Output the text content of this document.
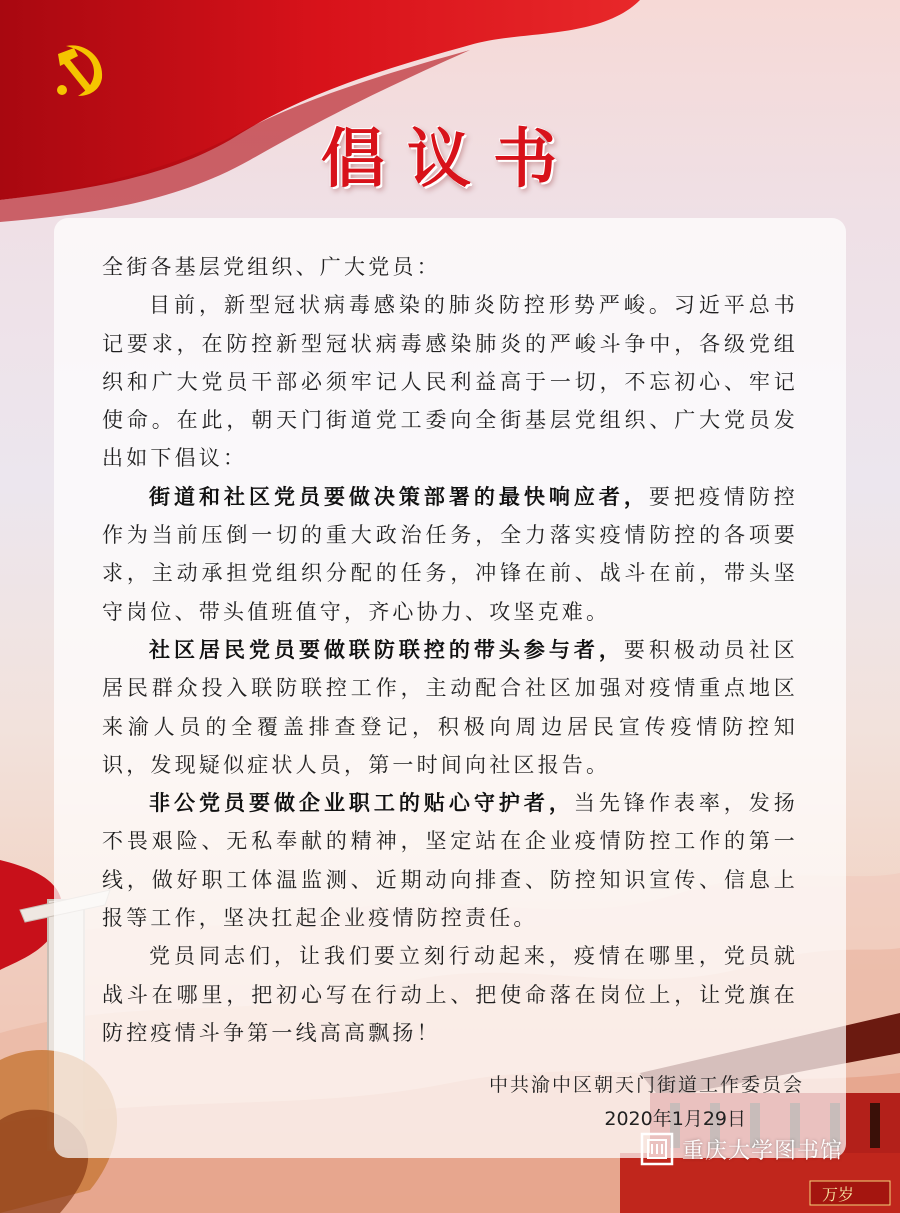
万岁
倡议书

全街各基层党组织、广大党员：

目前，新型冠状病毒感染的肺炎防控形势严峻。习近平总书记要求，在防控新型冠状病毒感染肺炎的严峻斗争中，各级党组织和广大党员干部必须牢记人民利益高于一切，不忘初心、牢记使命。在此，朝天门街道党工委向全街基层党组织、广大党员发出如下倡议：

街道和社区党员要做决策部署的最快响应者，要把疫情防控作为当前压倒一切的重大政治任务，全力落实疫情防控的各项要求，主动承担党组织分配的任务，冲锋在前、战斗在前，带头坚守岗位、带头值班值守，齐心协力、攻坚克难。

社区居民党员要做联防联控的带头参与者，要积极动员社区居民群众投入联防联控工作，主动配合社区加强对疫情重点地区来渝人员的全覆盖排查登记，积极向周边居民宣传疫情防控知识，发现疑似症状人员，第一时间向社区报告。

非公党员要做企业职工的贴心守护者，当先锋作表率，发扬不畏艰险、无私奉献的精神，坚定站在企业疫情防控工作的第一线，做好职工体温监测、近期动向排查、防控知识宣传、信息上报等工作，坚决扛起企业疫情防控责任。

党员同志们，让我们要立刻行动起来，疫情在哪里，党员就战斗在哪里，把初心写在行动上、把使命落在岗位上，让党旗在防控疫情斗争第一线高高飘扬！

中共渝中区朝天门街道工作委员会
2020年1月29日
重庆大学图书馆
